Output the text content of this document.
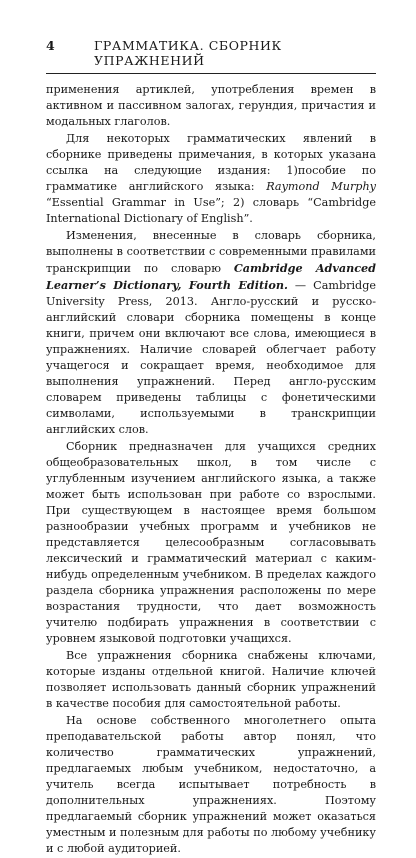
4	ГРАММАТИКА. СБОРНИК УПРАЖНЕНИЙ

применения артиклей, употребления времен в активном и пассивном залогах, герундия, причастия и модальных глаголов.

Для некоторых грамматических явлений в сборнике приведены примечания, в которых указана ссылка на следующие издания: 1)пособие по грамматике английского языка: Raymond Murphy “Essential Grammar in Use”; 2) словарь “Cambridge International Dictionary of English”.

Изменения, внесенные в словарь сборника, выполнены в соответствии с современными правилами транскрипции по словарю Cambridge Advanced Learner’s Dictionary, Fourth Edition. — Cambridge University Press, 2013. Англо-русский и русско-английский словари сборника помещены в конце книги, причем они включают все слова, имеющиеся в упражнениях. Наличие словарей облегчает работу учащегося и сокращает время, необходимое для выполнения упражнений. Перед англо-русским словарем приведены таблицы с фонетическими символами, используемыми в транскрипции английских слов.

Сборник предназначен для учащихся средних общеобразовательных школ, в том числе с углубленным изучением английского языка, а также может быть использован при работе со взрослыми. При существующем в настоящее время большом разнообразии учебных программ и учебников не представляется целесообразным согласовывать лексический и грамматический материал с каким-нибудь определенным учебником. В пределах каждого раздела сборника упражнения расположены по мере возрастания трудности, что дает возможность учителю подбирать упражнения в соответствии с уровнем языковой подготовки учащихся.

Все упражнения сборника снабжены ключами, которые изданы отдельной книгой. Наличие ключей позволяет использовать данный сборник упражнений в качестве пособия для самостоятельной работы.

На основе собственного многолетнего опыта преподавательской работы автор понял, что количество грамматических упражнений, предлагаемых любым учебником, недостаточно, а учитель всегда испытывает потребность в дополнительных упражнениях. Поэтому предлагаемый сборник упражнений может оказаться уместным и полезным для работы по любому учебнику и с любой аудиторией.
